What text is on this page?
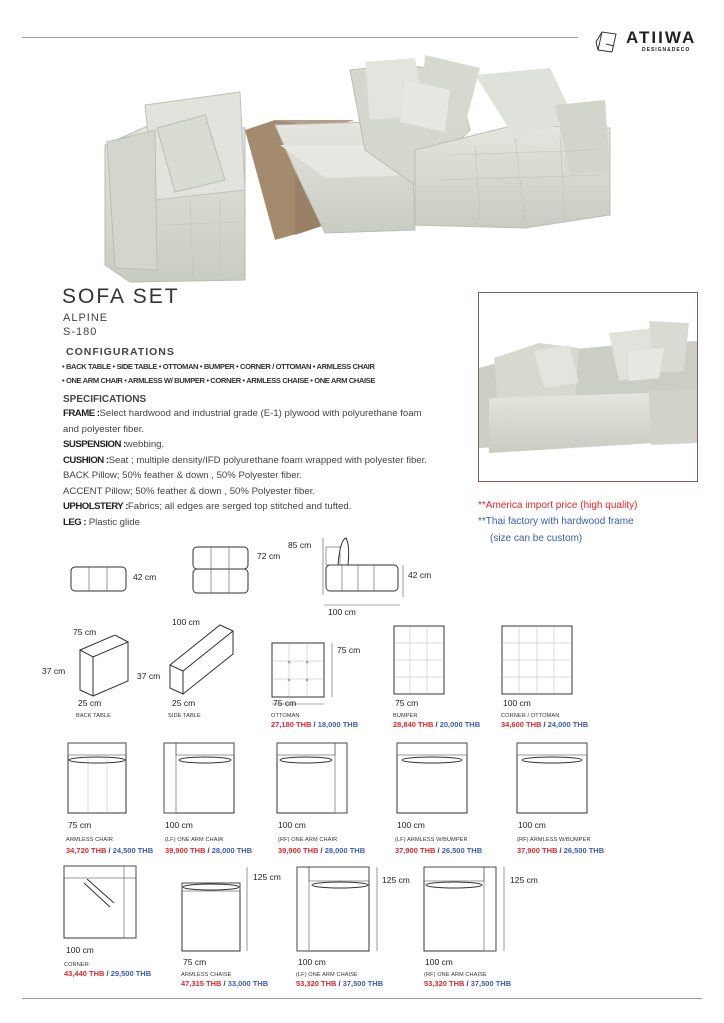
ATIIWA
DESIGN&DECO
SOFA SET
ALPINE
S-180
CONFIGURATIONS
• BACK TABLE • SIDE TABLE • OTTOMAN • BUMPER • CORNER / OTTOMAN • ARMLESS CHAIR
• ONE ARM CHAIR • ARMLESS W/ BUMPER • CORNER • ARMLESS CHAISE • ONE ARM CHAISE
SPECIFICATIONS
FRAME :Select hardwood and industrial grade (E-1) plywood with polyurethane foam
and polyester fiber.
SUSPENSION :webbing.
CUSHION :Seat ; multiple density/IFD polyurethane foam wrapped with polyester fiber.
BACK Pillow; 50% feather & down , 50% Polyester fiber.
ACCENT Pillow; 50% feather & down , 50% Polyester fiber.
UPHOLSTERY :Fabrics; all edges are serged top stitched and tufted.
LEG : Plastic glide
**America import price (high quality)
**Thai factory with hardwood frame
(size can be custom)
42 cm
72 cm
85 cm
42 cm
100 cm
75 cm
37 cm
25 cm
BACK TABLE
100 cm
37 cm
25 cm
SIDE TABLE
✕	✕
✕	✕
75 cm
75 cm
OTTOMAN
27,180 THB / 18,000 THB
75 cm
BUMPER
28,840 THB / 20,000 THB
100 cm
CORNER / OTTOMAN
34,600 THB / 24,000 THB
75 cm
ARMLESS CHAIR
34,720 THB / 24,500 THB
100 cm
(LF) ONE ARM CHAIR
39,900 THB / 28,000 THB
100 cm
(RF) ONE ARM CHAIR
39,900 THB / 28,000 THB
100 cm
(LF) ARMLESS W/BUMPER
37,900 THB / 26,500 THB
100 cm
(RF) ARMLESS W/BUMPER
37,900 THB / 26,500 THB
100 cm
CORNER
43,440 THB / 29,500 THB
75 cm
125 cm
ARMLESS CHAISE
47,315 THB / 33,000 THB
100 cm
125 cm
(LF) ONE ARM CHAISE
53,320 THB / 37,500 THB
100 cm
125 cm
(RF) ONE ARM CHAISE
53,320 THB / 37,500 THB
